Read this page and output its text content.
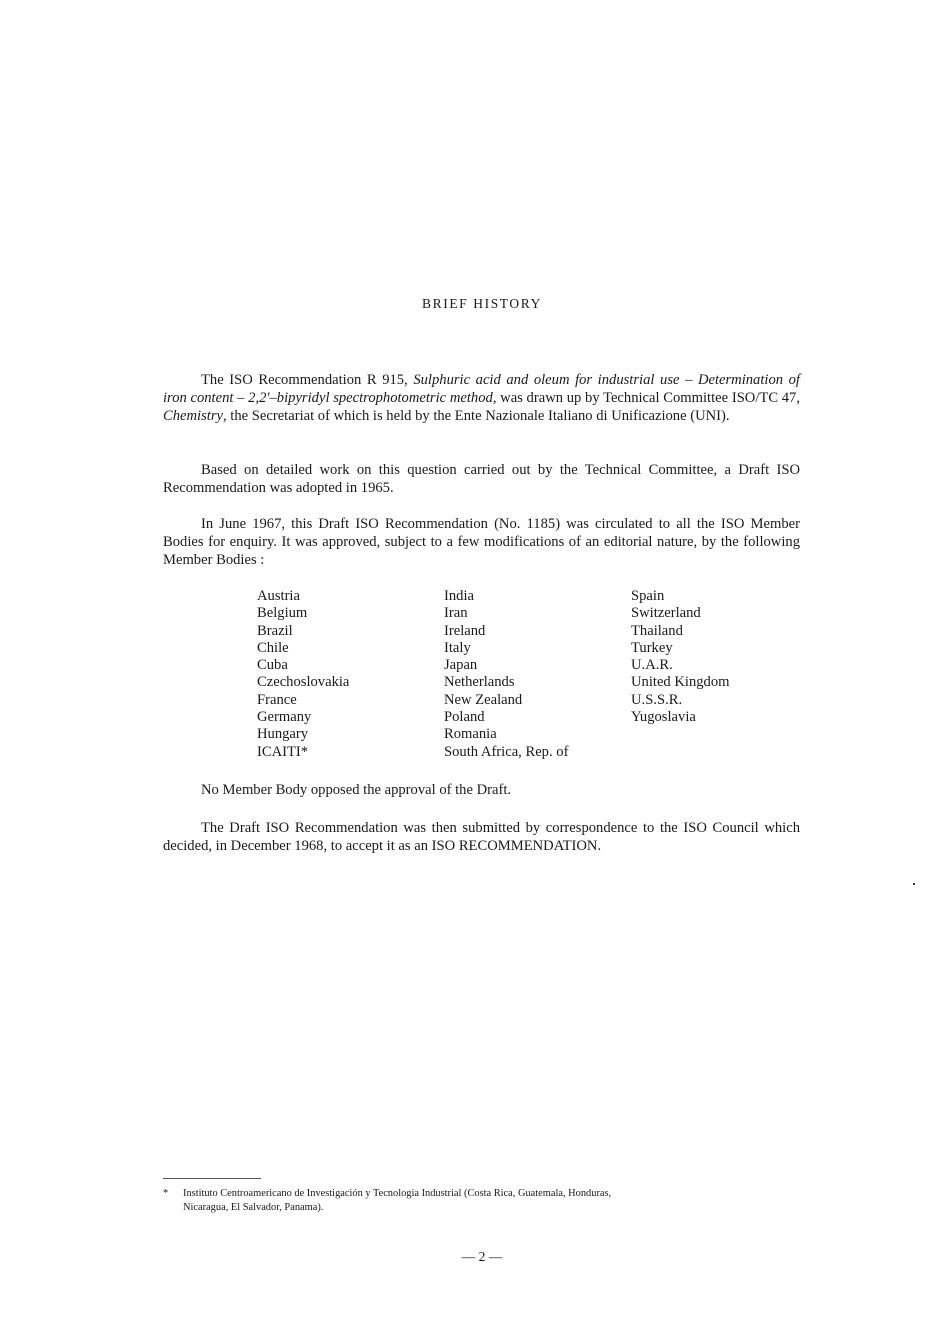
BRIEF HISTORY

The ISO Recommendation R 915, Sulphuric acid and oleum for industrial use – Determination of iron content – 2,2'–bipyridyl spectrophotometric method, was drawn up by Technical Committee ISO/TC 47, Chemistry, the Secretariat of which is held by the Ente Nazionale Italiano di Unificazione (UNI).

Based on detailed work on this question carried out by the Technical Committee, a Draft ISO Recommendation was adopted in 1965.

In June 1967, this Draft ISO Recommendation (No. 1185) was circulated to all the ISO Member Bodies for enquiry. It was approved, subject to a few modifications of an editorial nature, by the following Member Bodies :

Austria
Belgium
Brazil
Chile
Cuba
Czechoslovakia
France
Germany
Hungary
ICAITI*
India
Iran
Ireland
Italy
Japan
Netherlands
New Zealand
Poland
Romania
South Africa, Rep. of
Spain
Switzerland
Thailand
Turkey
U.A.R.
United Kingdom
U.S.S.R.
Yugoslavia

No Member Body opposed the approval of the Draft.

The Draft ISO Recommendation was then submitted by correspondence to the ISO Council which decided, in December 1968, to accept it as an ISO RECOMMENDATION.

* Instituto Centroamericano de Investigación y Tecnologia Industrial (Costa Rica, Guatemala, Honduras,
Nicaragua, El Salvador, Panama).

— 2 —
